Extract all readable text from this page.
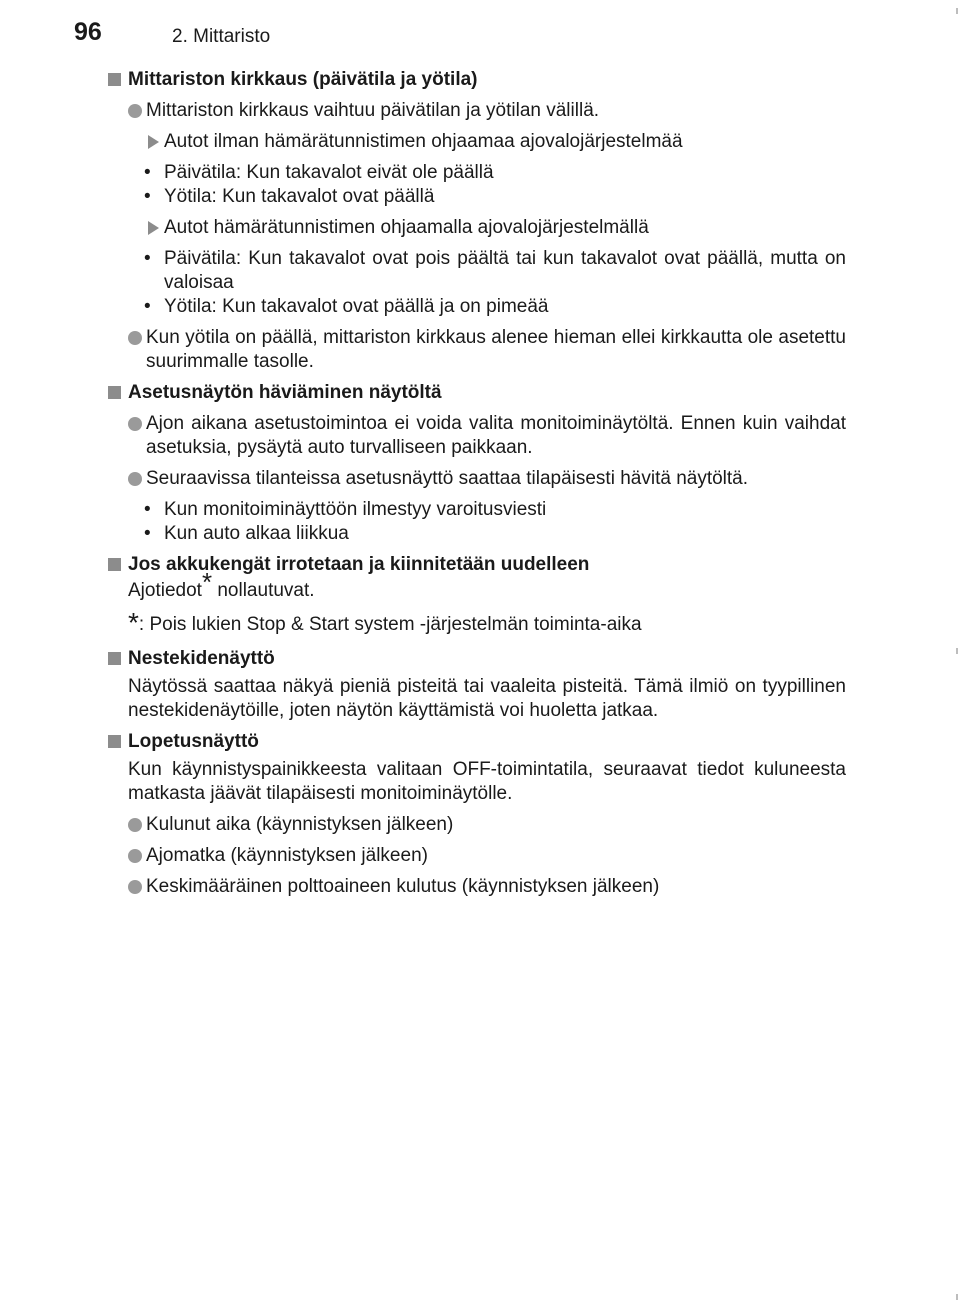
96	2. Mittaristo
Mittariston kirkkaus (päivätila ja yötila)
Mittariston kirkkaus vaihtuu päivätilan ja yötilan välillä.
Autot ilman hämärätunnistimen ohjaamaa ajovalojärjestelmää
• Päivätila: Kun takavalot eivät ole päällä
• Yötila: Kun takavalot ovat päällä
Autot hämärätunnistimen ohjaamalla ajovalojärjestelmällä
• Päivätila: Kun takavalot ovat pois päältä tai kun takavalot ovat päällä, mutta on valoisaa
• Yötila: Kun takavalot ovat päällä ja on pimeää
Kun yötila on päällä, mittariston kirkkaus alenee hieman ellei kirkkautta ole asetettu suurimmalle tasolle.
Asetusnäytön häviäminen näytöltä
Ajon aikana asetustoimintoa ei voida valita monitoiminäytöltä. Ennen kuin vaihdat asetuksia, pysäytä auto turvalliseen paikkaan.
Seuraavissa tilanteissa asetusnäyttö saattaa tilapäisesti hävitä näytöltä.
• Kun monitoiminäyttöön ilmestyy varoitusviesti
• Kun auto alkaa liikkua
Jos akkukengät irrotetaan ja kiinnitetään uudelleen
Ajotiedot* nollautuvat.
*: Pois lukien Stop & Start system -järjestelmän toiminta-aika
Nestekidenäyttö
Näytössä saattaa näkyä pieniä pisteitä tai vaaleita pisteitä. Tämä ilmiö on tyypillinen nestekidenäytöille, joten näytön käyttämistä voi huoletta jatkaa.
Lopetusnäyttö
Kun käynnistyspainikkeesta valitaan OFF-toimintatila, seuraavat tiedot kuluneesta matkasta jäävät tilapäisesti monitoiminäytölle.
Kulunut aika (käynnistyksen jälkeen)
Ajomatka (käynnistyksen jälkeen)
Keskimääräinen polttoaineen kulutus (käynnistyksen jälkeen)
